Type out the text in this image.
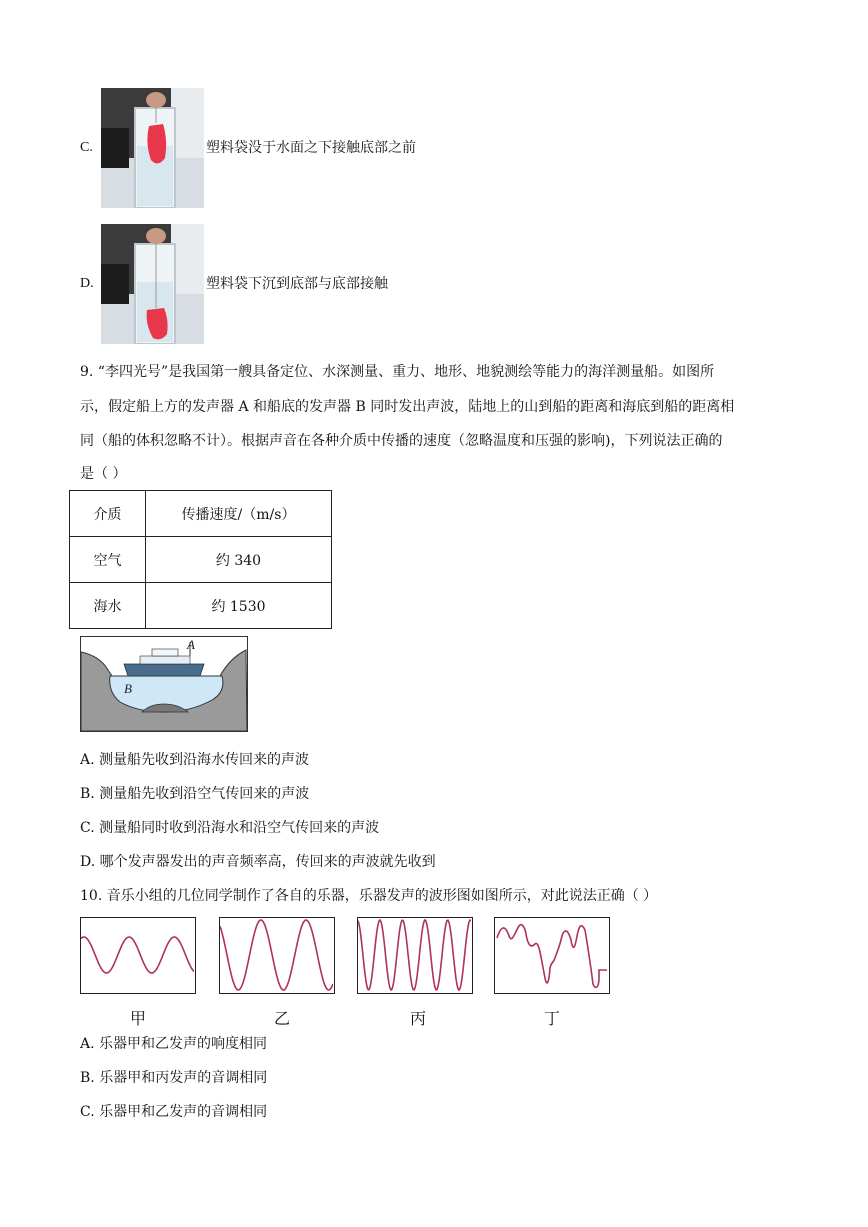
C.	塑料袋没于水面之下接触底部之前
D.	塑料袋下沉到底部与底部接触
9. “李四光号”是我国第一艘具备定位、水深测量、重力、地形、地貌测绘等能力的海洋测量船。如图所
示，假定船上方的发声器 A 和船底的发声器 B 同时发出声波，陆地上的山到船的距离和海底到船的距离相
同（船的体积忽略不计）。根据声音在各种介质中传播的速度（忽略温度和压强的影响)，下列说法正确的
是（ ）
介质	传播速度/（m/s）
空气	约 340
海水	约 1530
A
B
A. 测量船先收到沿海水传回来的声波
B. 测量船先收到沿空气传回来的声波
C. 测量船同时收到沿海水和沿空气传回来的声波
D. 哪个发声器发出的声音频率高，传回来的声波就先收到
10. 音乐小组的几位同学制作了各自的乐器，乐器发声的波形图如图所示，对此说法正确（ ）
甲	乙	丙	丁
A. 乐器甲和乙发声的响度相同
B. 乐器甲和丙发声的音调相同
C. 乐器甲和乙发声的音调相同
